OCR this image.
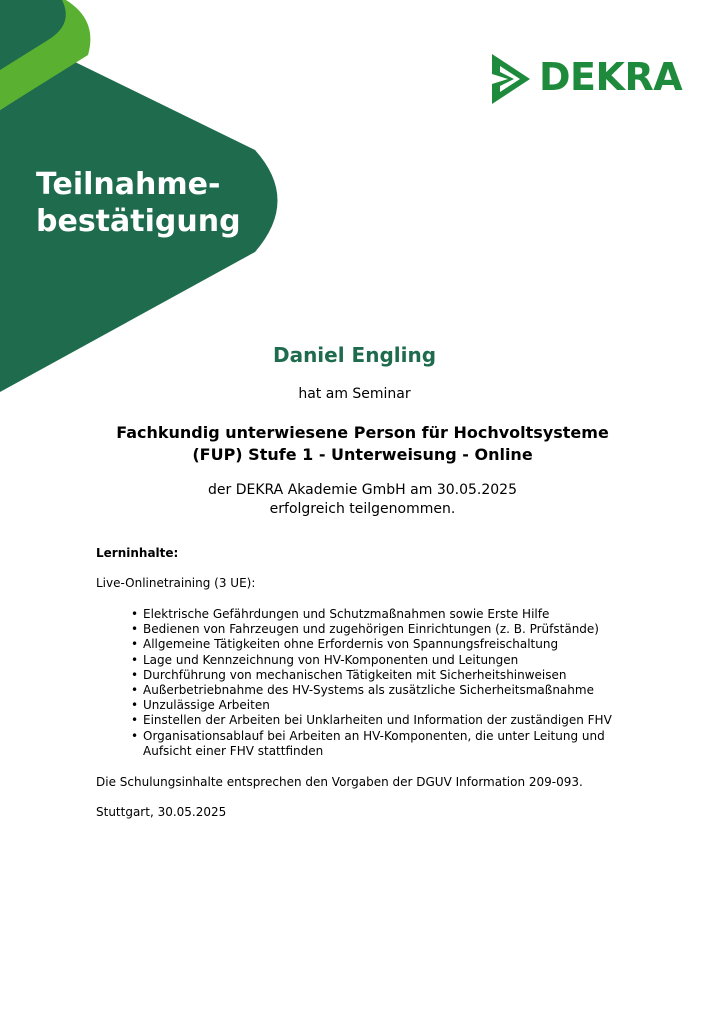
Teilnahme-
bestätigung
DEKRA
Daniel Engling
hat am Seminar
Fachkundig unterwiesene Person für Hochvoltsysteme
(FUP) Stufe 1 - Unterweisung - Online
der DEKRA Akademie GmbH am 30.05.2025
erfolgreich teilgenommen.

Lerninhalte:

Live-Onlinetraining (3 UE):

• Elektrische Gefährdungen und Schutzmaßnahmen sowie Erste Hilfe
• Bedienen von Fahrzeugen und zugehörigen Einrichtungen (z. B. Prüfstände)
• Allgemeine Tätigkeiten ohne Erfordernis von Spannungsfreischaltung
• Lage und Kennzeichnung von HV-Komponenten und Leitungen
• Durchführung von mechanischen Tätigkeiten mit Sicherheitshinweisen
• Außerbetriebnahme des HV-Systems als zusätzliche Sicherheitsmaßnahme
• Unzulässige Arbeiten
• Einstellen der Arbeiten bei Unklarheiten und Information der zuständigen FHV
• Organisationsablauf bei Arbeiten an HV-Komponenten, die unter Leitung und Aufsicht einer FHV stattfinden

Die Schulungsinhalte entsprechen den Vorgaben der DGUV Information 209-093.

Stuttgart, 30.05.2025
